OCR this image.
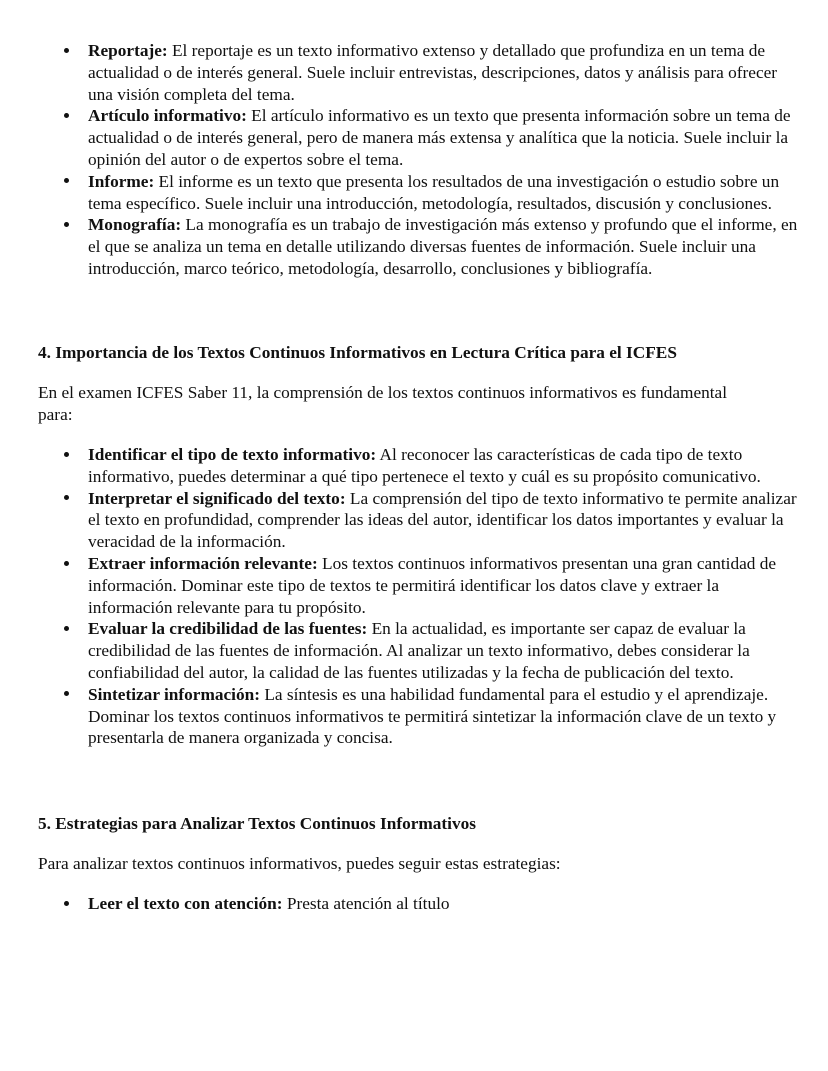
Reportaje: El reportaje es un texto informativo extenso y detallado que profundiza en un tema de actualidad o de interés general. Suele incluir entrevistas, descripciones, datos y análisis para ofrecer una visión completa del tema.
Artículo informativo: El artículo informativo es un texto que presenta información sobre un tema de actualidad o de interés general, pero de manera más extensa y analítica que la noticia. Suele incluir la opinión del autor o de expertos sobre el tema.
Informe: El informe es un texto que presenta los resultados de una investigación o estudio sobre un tema específico. Suele incluir una introducción, metodología, resultados, discusión y conclusiones.
Monografía: La monografía es un trabajo de investigación más extenso y profundo que el informe, en el que se analiza un tema en detalle utilizando diversas fuentes de información. Suele incluir una introducción, marco teórico, metodología, desarrollo, conclusiones y bibliografía.
4. Importancia de los Textos Continuos Informativos en Lectura Crítica para el ICFES
En el examen ICFES Saber 11, la comprensión de los textos continuos informativos es fundamental para:
Identificar el tipo de texto informativo: Al reconocer las características de cada tipo de texto informativo, puedes determinar a qué tipo pertenece el texto y cuál es su propósito comunicativo.
Interpretar el significado del texto: La comprensión del tipo de texto informativo te permite analizar el texto en profundidad, comprender las ideas del autor, identificar los datos importantes y evaluar la veracidad de la información.
Extraer información relevante: Los textos continuos informativos presentan una gran cantidad de información. Dominar este tipo de textos te permitirá identificar los datos clave y extraer la información relevante para tu propósito.
Evaluar la credibilidad de las fuentes: En la actualidad, es importante ser capaz de evaluar la credibilidad de las fuentes de información. Al analizar un texto informativo, debes considerar la confiabilidad del autor, la calidad de las fuentes utilizadas y la fecha de publicación del texto.
Sintetizar información: La síntesis es una habilidad fundamental para el estudio y el aprendizaje. Dominar los textos continuos informativos te permitirá sintetizar la información clave de un texto y presentarla de manera organizada y concisa.
5. Estrategias para Analizar Textos Continuos Informativos
Para analizar textos continuos informativos, puedes seguir estas estrategias:
Leer el texto con atención: Presta atención al título
